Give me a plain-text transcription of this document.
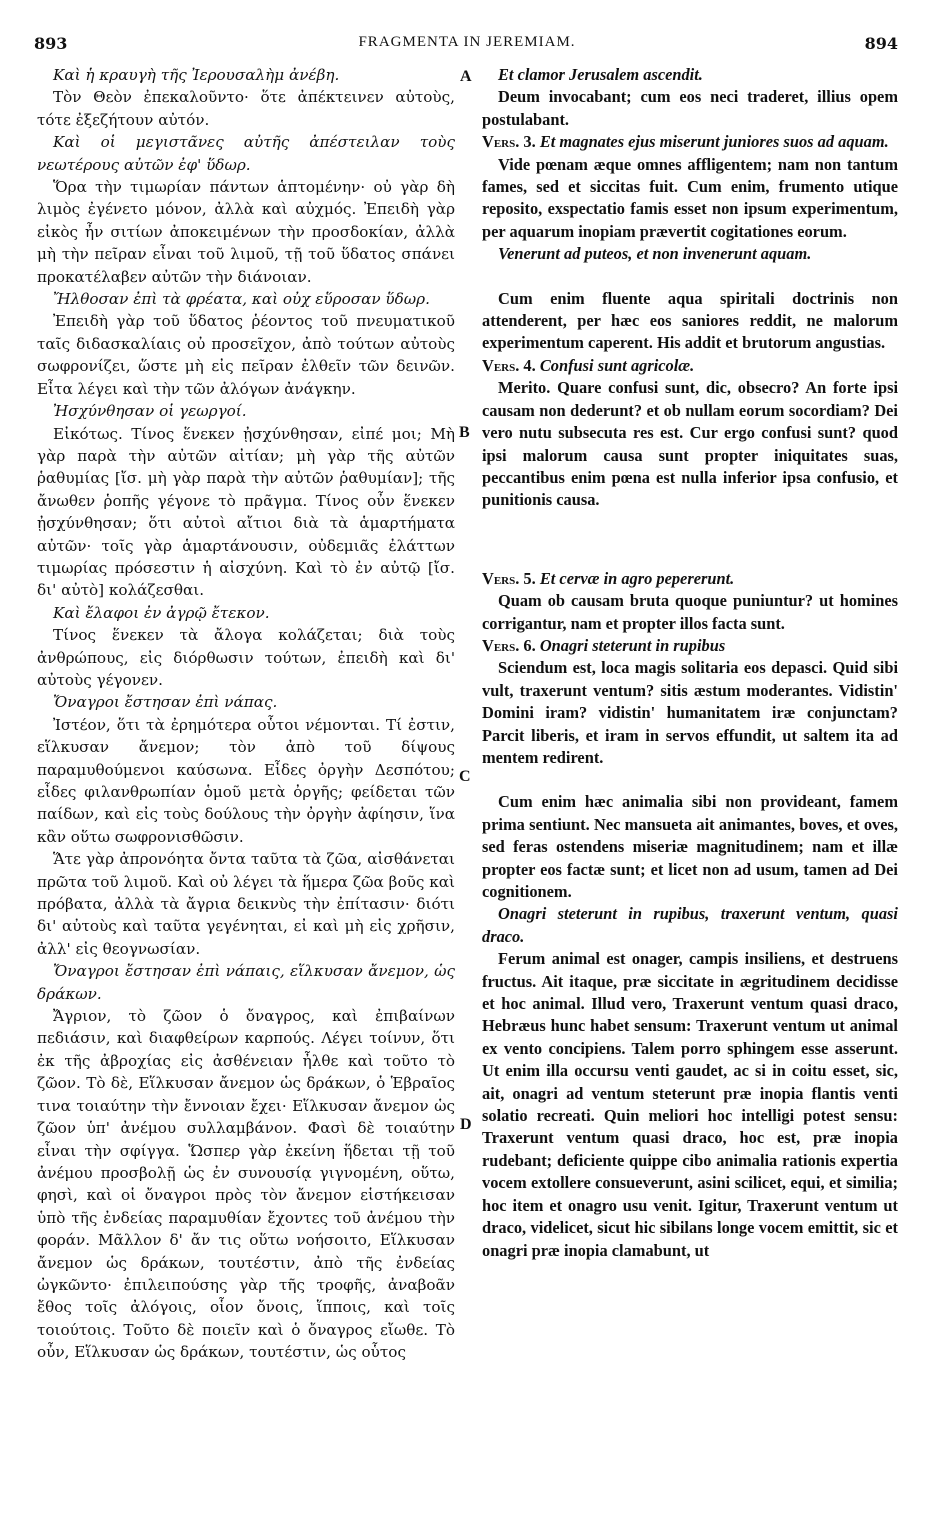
893	FRAGMENTA IN JEREMIAM.	894
A
B
C
D

Καὶ ἡ κραυγὴ τῆς Ἰερουσαλὴμ ἀνέβη.

Τὸν Θεὸν ἐπεκαλοῦντο· ὅτε ἀπέκτεινεν αὐτοὺς, τότε ἐξεζήτουν αὐτόν.

Καὶ οἱ μεγιστᾶνες αὐτῆς ἀπέστειλαν τοὺς νεωτέρους αὐτῶν ἐφ' ὕδωρ.

Ὅρα τὴν τιμωρίαν πάντων ἁπτομένην· οὐ γὰρ δὴ λιμὸς ἐγένετο μόνον, ἀλλὰ καὶ αὐχμός. Ἐπειδὴ γὰρ εἰκὸς ἦν σιτίων ἀποκειμένων τὴν προσδοκίαν, ἀλλὰ μὴ τὴν πεῖραν εἶναι τοῦ λιμοῦ, τῇ τοῦ ὕδατος σπάνει προκατέλαβεν αὐτῶν τὴν διάνοιαν.

Ἤλθοσαν ἐπὶ τὰ φρέατα, καὶ οὐχ εὕροσαν ὕδωρ.

Ἐπειδὴ γὰρ τοῦ ὕδατος ῥέοντος τοῦ πνευματικοῦ ταῖς διδασκαλίαις οὐ προσεῖχον, ἀπὸ τούτων αὐτοὺς σωφρονίζει, ὥστε μὴ εἰς πεῖραν ἐλθεῖν τῶν δεινῶν. Εἶτα λέγει καὶ τὴν τῶν ἀλόγων ἀνάγκην.

Ἠσχύνθησαν οἱ γεωργοί.

Εἰκότως. Τίνος ἕνεκεν ᾐσχύνθησαν, εἰπέ μοι; Μὴ γὰρ παρὰ τὴν αὐτῶν αἰτίαν; μὴ γὰρ τῆς αὐτῶν ῥαθυμίας [ἴσ. μὴ γὰρ παρὰ τὴν αὐτῶν ῥαθυμίαν]; τῆς ἄνωθεν ῥοπῆς γέγονε τὸ πρᾶγμα. Τίνος οὖν ἕνεκεν ᾐσχύνθησαν; ὅτι αὐτοὶ αἴτιοι διὰ τὰ ἁμαρτήματα αὐτῶν· τοῖς γὰρ ἁμαρτάνουσιν, οὐδεμιᾶς ἐλάττων τιμωρίας πρόσεστιν ἡ αἰσχύνη. Καὶ τὸ ἐν αὐτῷ [ἴσ. δι' αὐτὸ] κολάζεσθαι.

Καὶ ἔλαφοι ἐν ἀγρῷ ἔτεκον.

Τίνος ἕνεκεν τὰ ἄλογα κολάζεται; διὰ τοὺς ἀνθρώπους, εἰς διόρθωσιν τούτων, ἐπειδὴ καὶ δι' αὐτοὺς γέγονεν.

Ὄναγροι ἔστησαν ἐπὶ νάπας.

Ἰστέον, ὅτι τὰ ἐρημότερα οὗτοι νέμονται. Τί ἐστιν, εἵλκυσαν ἄνεμον; τὸν ἀπὸ τοῦ δίψους παραμυθούμενοι καύσωνα. Εἶδες ὀργὴν Δεσπότου; εἶδες φιλανθρωπίαν ὁμοῦ μετὰ ὀργῆς; φείδεται τῶν παίδων, καὶ εἰς τοὺς δούλους τὴν ὀργὴν ἀφίησιν, ἵνα κἂν οὕτω σωφρονισθῶσιν.

Ἅτε γὰρ ἀπρονόητα ὄντα ταῦτα τὰ ζῶα, αἰσθάνεται πρῶτα τοῦ λιμοῦ. Καὶ οὐ λέγει τὰ ἥμερα ζῶα βοῦς καὶ πρόβατα, ἀλλὰ τὰ ἄγρια δεικνὺς τὴν ἐπίτασιν· διότι δι' αὐτοὺς καὶ ταῦτα γεγένηται, εἰ καὶ μὴ εἰς χρῆσιν, ἀλλ' εἰς θεογνωσίαν.

Ὄναγροι ἔστησαν ἐπὶ νάπαις, εἵλκυσαν ἄνεμον, ὡς δράκων.

Ἄγριον, τὸ ζῶον ὁ ὄναγρος, καὶ ἐπιβαίνων πεδιάσιν, καὶ διαφθείρων καρπούς. Λέγει τοίνυν, ὅτι ἐκ τῆς ἀβροχίας εἰς ἀσθένειαν ἦλθε καὶ τοῦτο τὸ ζῶον. Τὸ δὲ, Εἵλκυσαν ἄνεμον ὡς δράκων, ὁ Ἑβραῖος τινα τοιαύτην τὴν ἔννοιαν ἔχει· Εἵλκυσαν ἄνεμον ὡς ζῶον ὑπ' ἀνέμου συλλαμβάνον. Φασὶ δὲ τοιαύτην εἶναι τὴν σφίγγα. Ὥσπερ γὰρ ἐκείνη ἥδεται τῇ τοῦ ἀνέμου προσβολῇ ὡς ἐν συνουσίᾳ γιγνομένη, οὕτω, φησὶ, καὶ οἱ ὄναγροι πρὸς τὸν ἄνεμον εἱστήκεισαν ὑπὸ τῆς ἐνδείας παραμυθίαν ἔχοντες τοῦ ἀνέμου τὴν φοράν. Μᾶλλον δ' ἄν τις οὕτω νοήσοιτο, Εἵλκυσαν ἄνεμον ὡς δράκων, τουτέστιν, ἀπὸ τῆς ἐνδείας ὠγκῶντο· ἐπιλειπούσης γὰρ τῆς τροφῆς, ἀναβοᾶν ἔθος τοῖς ἀλόγοις, οἷον ὄνοις, ἵπποις, καὶ τοῖς τοιούτοις. Τοῦτο δὲ ποιεῖν καὶ ὁ ὄναγρος εἴωθε. Τὸ οὖν, Εἵλκυσαν ὡς δράκων, τουτέστιν, ὡς οὗτος

Et clamor Jerusalem ascendit.

Deum invocabant; cum eos neci traderet, illius opem postulabant.

Vers. 3. Et magnates ejus miserunt juniores suos ad aquam.

Vide pœnam æque omnes affligentem; nam non tantum fames, sed et siccitas fuit. Cum enim, frumento utique reposito, exspectatio famis esset non ipsum experimentum, per aquarum inopiam prævertit cogitationes eorum.

Venerunt ad puteos, et non invenerunt aquam.

Cum enim fluente aqua spiritali doctrinis non attenderent, per hæc eos saniores reddit, ne malorum experimentum caperent. His addit et brutorum angustias.

Vers. 4. Confusi sunt agricolæ.

Merito. Quare confusi sunt, dic, obsecro? An forte ipsi causam non dederunt? et ob nullam eorum socordiam? Dei vero nutu subsecuta res est. Cur ergo confusi sunt? quod ipsi malorum causa sunt propter iniquitates suas, peccantibus enim pœna est nulla inferior ipsa confusio, et punitionis causa.

Vers. 5. Et cervæ in agro pepererunt.

Quam ob causam bruta quoque puniuntur? ut homines corrigantur, nam et propter illos facta sunt.

Vers. 6. Onagri steterunt in rupibus

Sciendum est, loca magis solitaria eos depasci. Quid sibi vult, traxerunt ventum? sitis æstum moderantes. Vidistin' Domini iram? vidistin' humanitatem iræ conjunctam? Parcit liberis, et iram in servos effundit, ut saltem ita ad mentem redirent.

Cum enim hæc animalia sibi non provideant, famem prima sentiunt. Nec mansueta ait animantes, boves, et oves, sed feras ostendens miseriæ magnitudinem; nam et illæ propter eos factæ sunt; et licet non ad usum, tamen ad Dei cognitionem.

Onagri steterunt in rupibus, traxerunt ventum, quasi draco.

Ferum animal est onager, campis insiliens, et destruens fructus. Ait itaque, præ siccitate in ægritudinem decidisse et hoc animal. Illud vero, Traxerunt ventum quasi draco, Hebræus hunc habet sensum: Traxerunt ventum ut animal ex vento concipiens. Talem porro sphingem esse asserunt. Ut enim illa occursu venti gaudet, ac si in coitu esset, sic, ait, onagri ad ventum steterunt præ inopia flantis venti solatio recreati. Quin meliori hoc intelligi potest sensu: Traxerunt ventum quasi draco, hoc est, præ inopia rudebant; deficiente quippe cibo animalia rationis expertia vocem extollere consueverunt, asini scilicet, equi, et similia; hoc item et onagro usu venit. Igitur, Traxerunt ventum ut draco, videlicet, sicut hic sibilans longe vocem emittit, sic et onagri præ inopia clamabunt, ut
